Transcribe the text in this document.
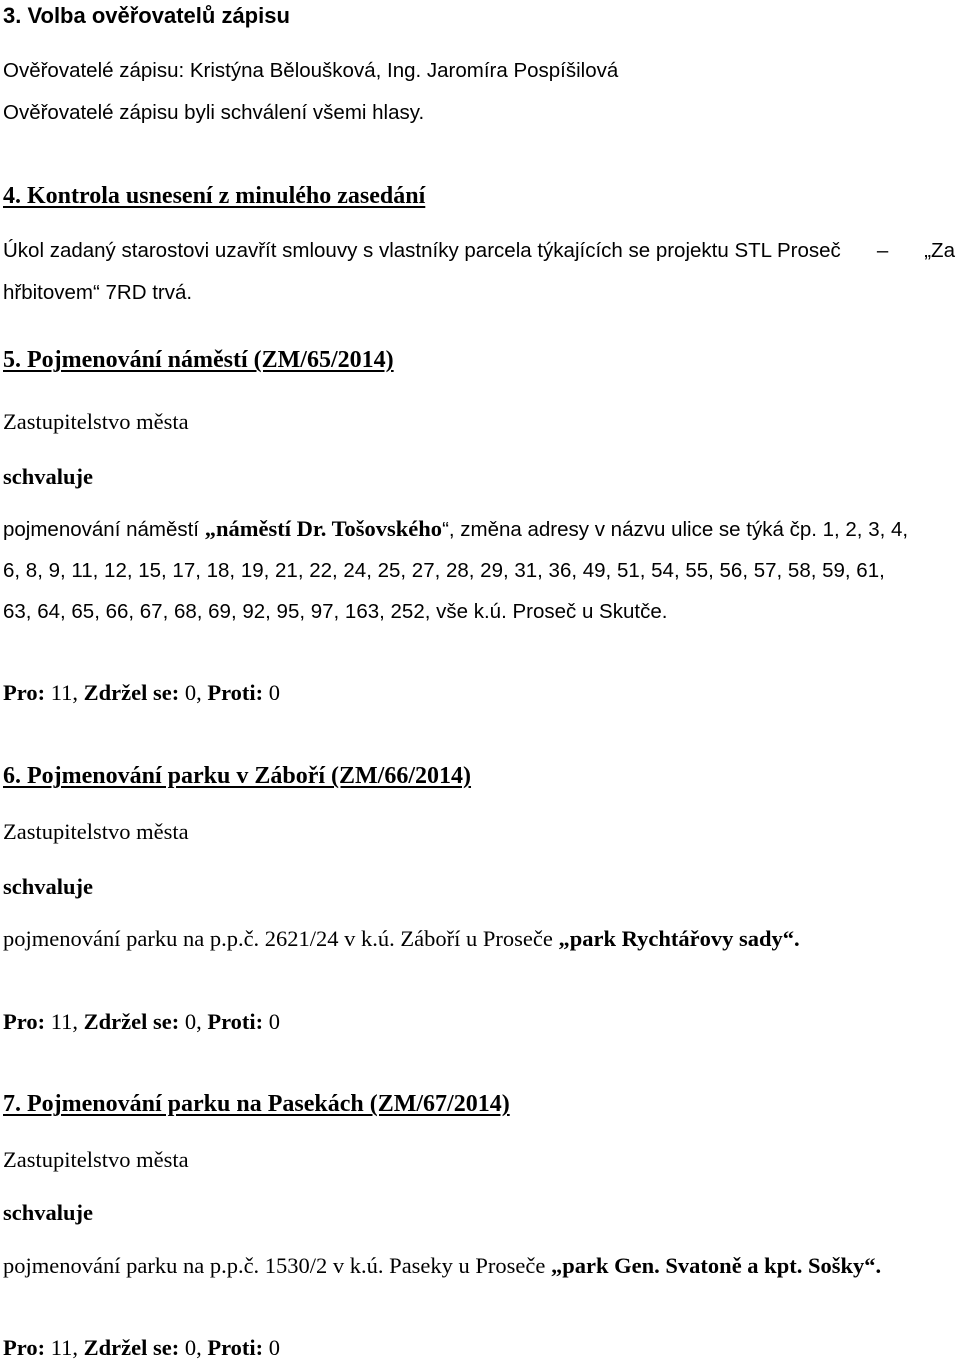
3. Volba ověřovatelů zápisu
Ověřovatelé zápisu: Kristýna Běloušková, Ing. Jaromíra Pospíšilová
Ověřovatelé zápisu byli schválení všemi hlasy.
4. Kontrola usnesení z minulého zasedání
Úkol zadaný starostovi uzavřít smlouvy s vlastníky parcela týkajících se projektu STL Proseč – „Za
hřbitovem“ 7RD trvá.
5. Pojmenování náměstí (ZM/65/2014)
Zastupitelstvo města
schvaluje
pojmenování náměstí „náměstí Dr. Tošovského“, změna adresy v názvu ulice se týká čp. 1, 2, 3, 4,
6, 8, 9, 11, 12, 15, 17, 18, 19, 21, 22, 24, 25, 27, 28, 29, 31, 36, 49, 51, 54, 55, 56, 57, 58, 59, 61,
63, 64, 65, 66, 67, 68, 69, 92, 95, 97, 163, 252, vše k.ú. Proseč u Skutče.
Pro: 11, Zdržel se: 0, Proti: 0
6. Pojmenování parku v Záboří (ZM/66/2014)
Zastupitelstvo města
schvaluje
pojmenování parku na p.p.č. 2621/24 v k.ú. Záboří u Proseče „park Rychtářovy sady“.
Pro: 11, Zdržel se: 0, Proti: 0
7. Pojmenování parku na Pasekách (ZM/67/2014)
Zastupitelstvo města
schvaluje
pojmenování parku na p.p.č. 1530/2 v k.ú. Paseky u Proseče „park Gen. Svatoně a kpt. Sošky“.
Pro: 11, Zdržel se: 0, Proti: 0
